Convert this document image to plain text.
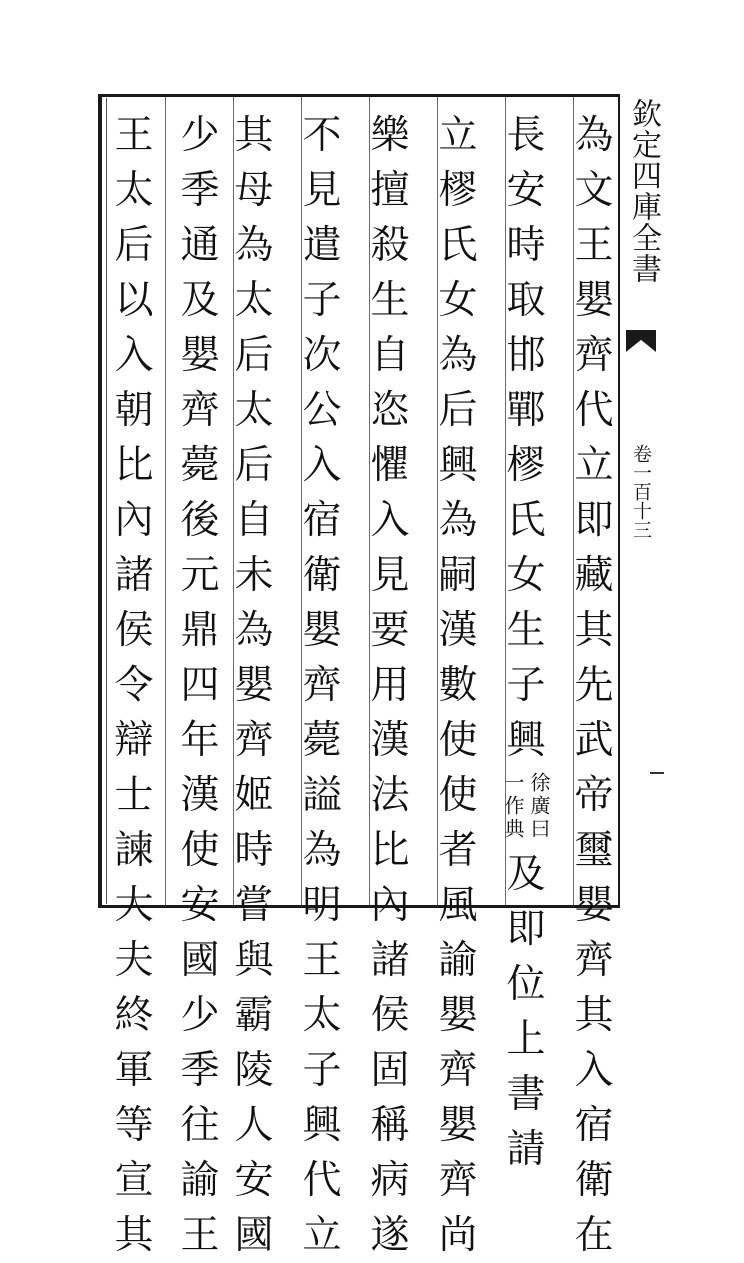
欽定四庫全書
卷一百十三
為
文
王
嬰
齊
代
立
即
藏
其
先
武
帝
璽
嬰
齊
其
入
宿
衛
在
長
安
時
取
邯
鄲
樛
氏
女
生
子
興
徐廣曰
一作典
及
即
位
上
書
請
立
樛
氏
女
為
后
興
為
嗣
漢
數
使
使
者
風
諭
嬰
齊
嬰
齊
尚
樂
擅
殺
生
自
恣
懼
入
見
要
用
漢
法
比
內
諸
侯
固
稱
病
遂
不
見
遣
子
次
公
入
宿
衛
嬰
齊
薨
謚
為
明
王
太
子
興
代
立
其
母
為
太
后
太
后
自
未
為
嬰
齊
姬
時
嘗
與
霸
陵
人
安
國
少
季
通
及
嬰
齊
薨
後
元
鼎
四
年
漢
使
安
國
少
季
往
諭
王
王
太
后
以
入
朝
比
內
諸
侯
令
辯
士
諫
大
夫
終
軍
等
宣
其
